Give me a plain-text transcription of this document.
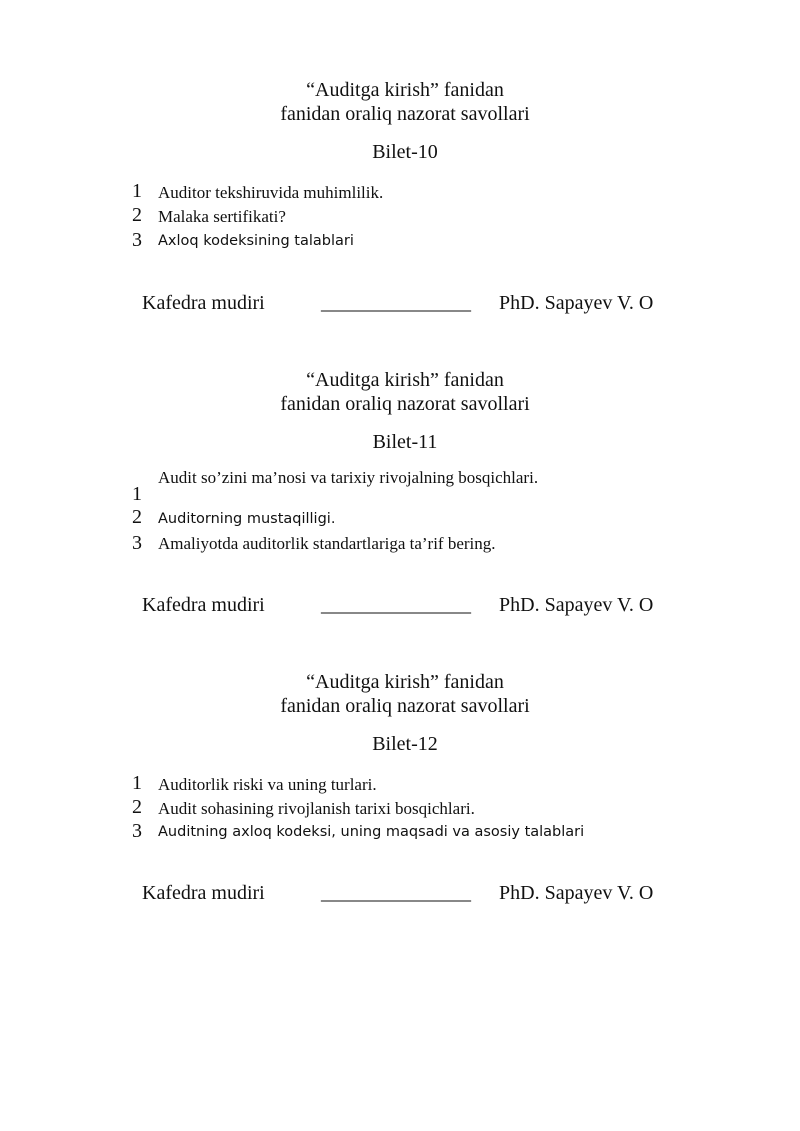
“Auditga kirish” fanidan
fanidan oraliq nazorat savollari
Bilet-10
1 Auditor tekshiruvida muhimlilik.
2 Malaka sertifikati?
3 Axloq kodeksining talablari
Kafedra mudiri	_______________ PhD. Sapayev V. O
“Auditga kirish” fanidan
fanidan oraliq nazorat savollari
Bilet-11
1
Audit so’zini ma’nosi va tarixiy rivojalning bosqichlari.
2 Auditorning mustaqilligi.
3 Amaliyotda auditorlik standartlariga ta’rif bering.
Kafedra mudiri	_______________ PhD. Sapayev V. O
“Auditga kirish” fanidan
fanidan oraliq nazorat savollari
Bilet-12
1 Auditorlik riski va uning turlari.
2 Audit sohasining rivojlanish tarixi bosqichlari.
3 Auditning axloq kodeksi, uning maqsadi va asosiy talablari
Kafedra mudiri	_______________ PhD. Sapayev V. O
